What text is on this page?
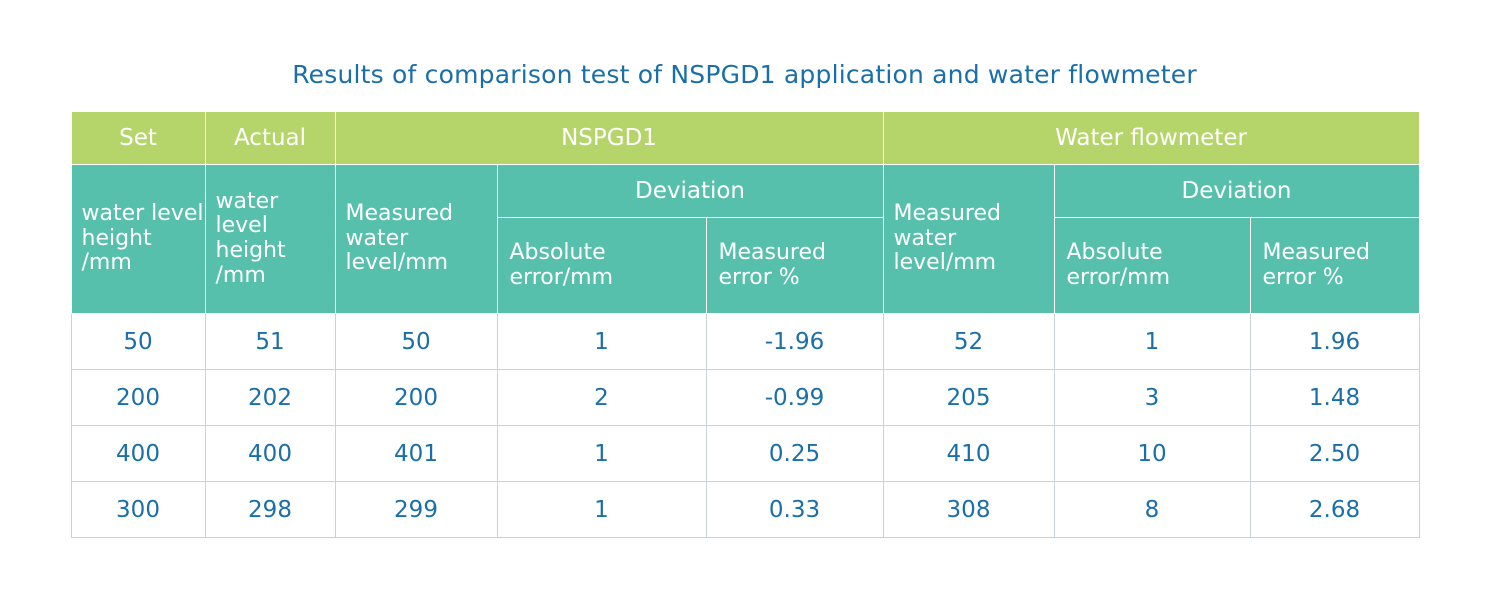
Results of comparison test of NSPGD1 application and water flowmeter
Set	Actual	NSPGD1			Water flowmeter		
water level height /mm	water level height /mm	Measured water level/mm	Deviation		Measured water level/mm	Deviation	
			Absolute error/mm	Measured error %		Absolute error/mm	Measured error %
50	51	50	1	-1.96	52	1	1.96
200	202	200	2	-0.99	205	3	1.48
400	400	401	1	0.25	410	10	2.50
300	298	299	1	0.33	308	8	2.68
